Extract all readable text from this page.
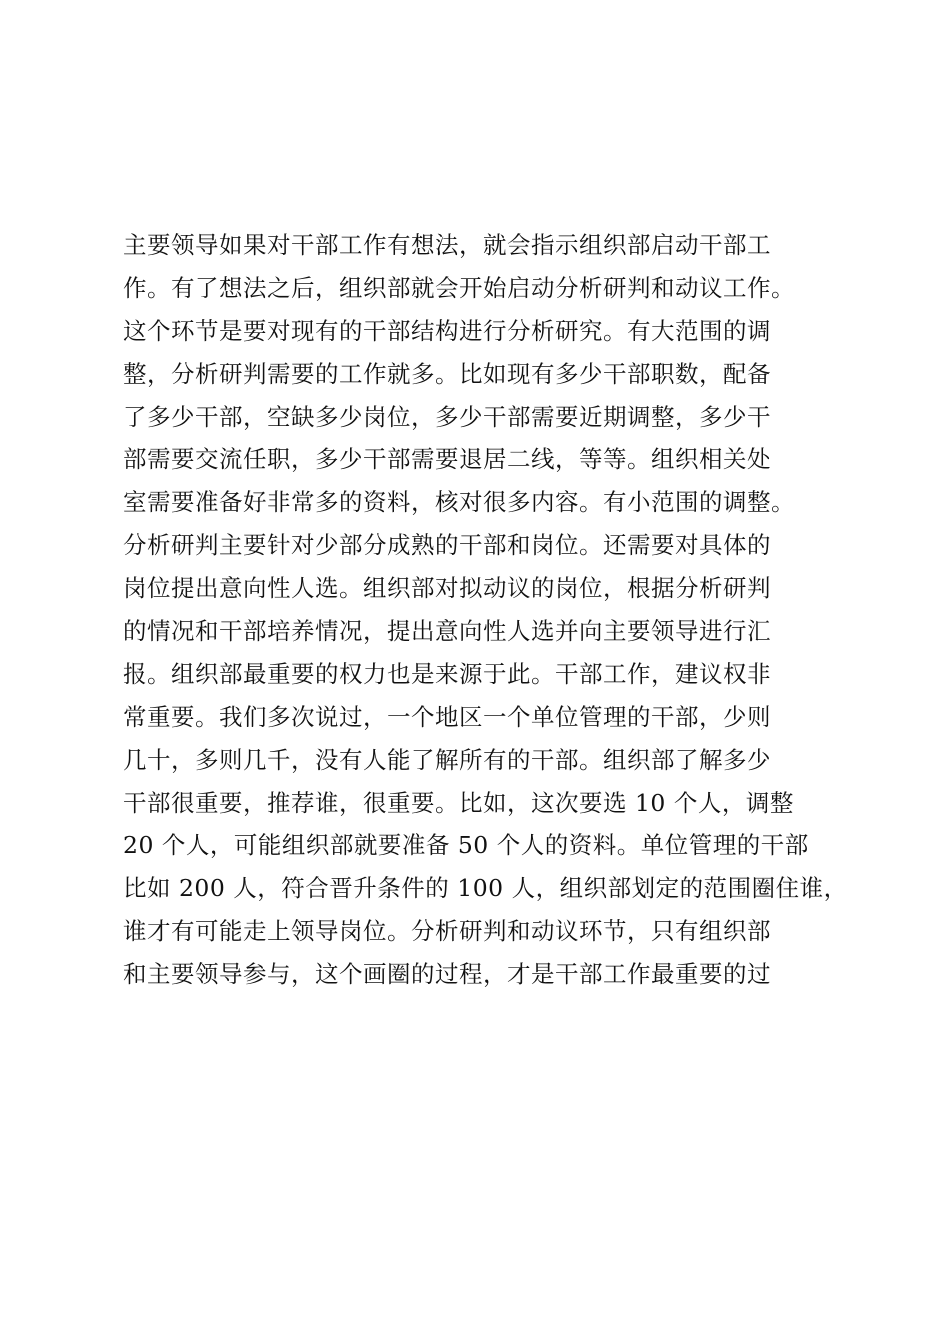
主要领导如果对干部工作有想法，就会指示组织部启动干部工
作。有了想法之后，组织部就会开始启动分析研判和动议工作。
这个环节是要对现有的干部结构进行分析研究。有大范围的调
整，分析研判需要的工作就多。比如现有多少干部职数，配备
了多少干部，空缺多少岗位，多少干部需要近期调整，多少干
部需要交流任职，多少干部需要退居二线，等等。组织相关处
室需要准备好非常多的资料，核对很多内容。有小范围的调整。
分析研判主要针对少部分成熟的干部和岗位。还需要对具体的
岗位提出意向性人选。组织部对拟动议的岗位，根据分析研判
的情况和干部培养情况，提出意向性人选并向主要领导进行汇
报。组织部最重要的权力也是来源于此。干部工作，建议权非
常重要。我们多次说过，一个地区一个单位管理的干部，少则
几十，多则几千，没有人能了解所有的干部。组织部了解多少
干部很重要，推荐谁，很重要。比如，这次要选 10 个人，调整
20 个人，可能组织部就要准备 50 个人的资料。单位管理的干部
比如 200 人，符合晋升条件的 100 人，组织部划定的范围圈住谁，
谁才有可能走上领导岗位。分析研判和动议环节，只有组织部
和主要领导参与，这个画圈的过程，才是干部工作最重要的过
